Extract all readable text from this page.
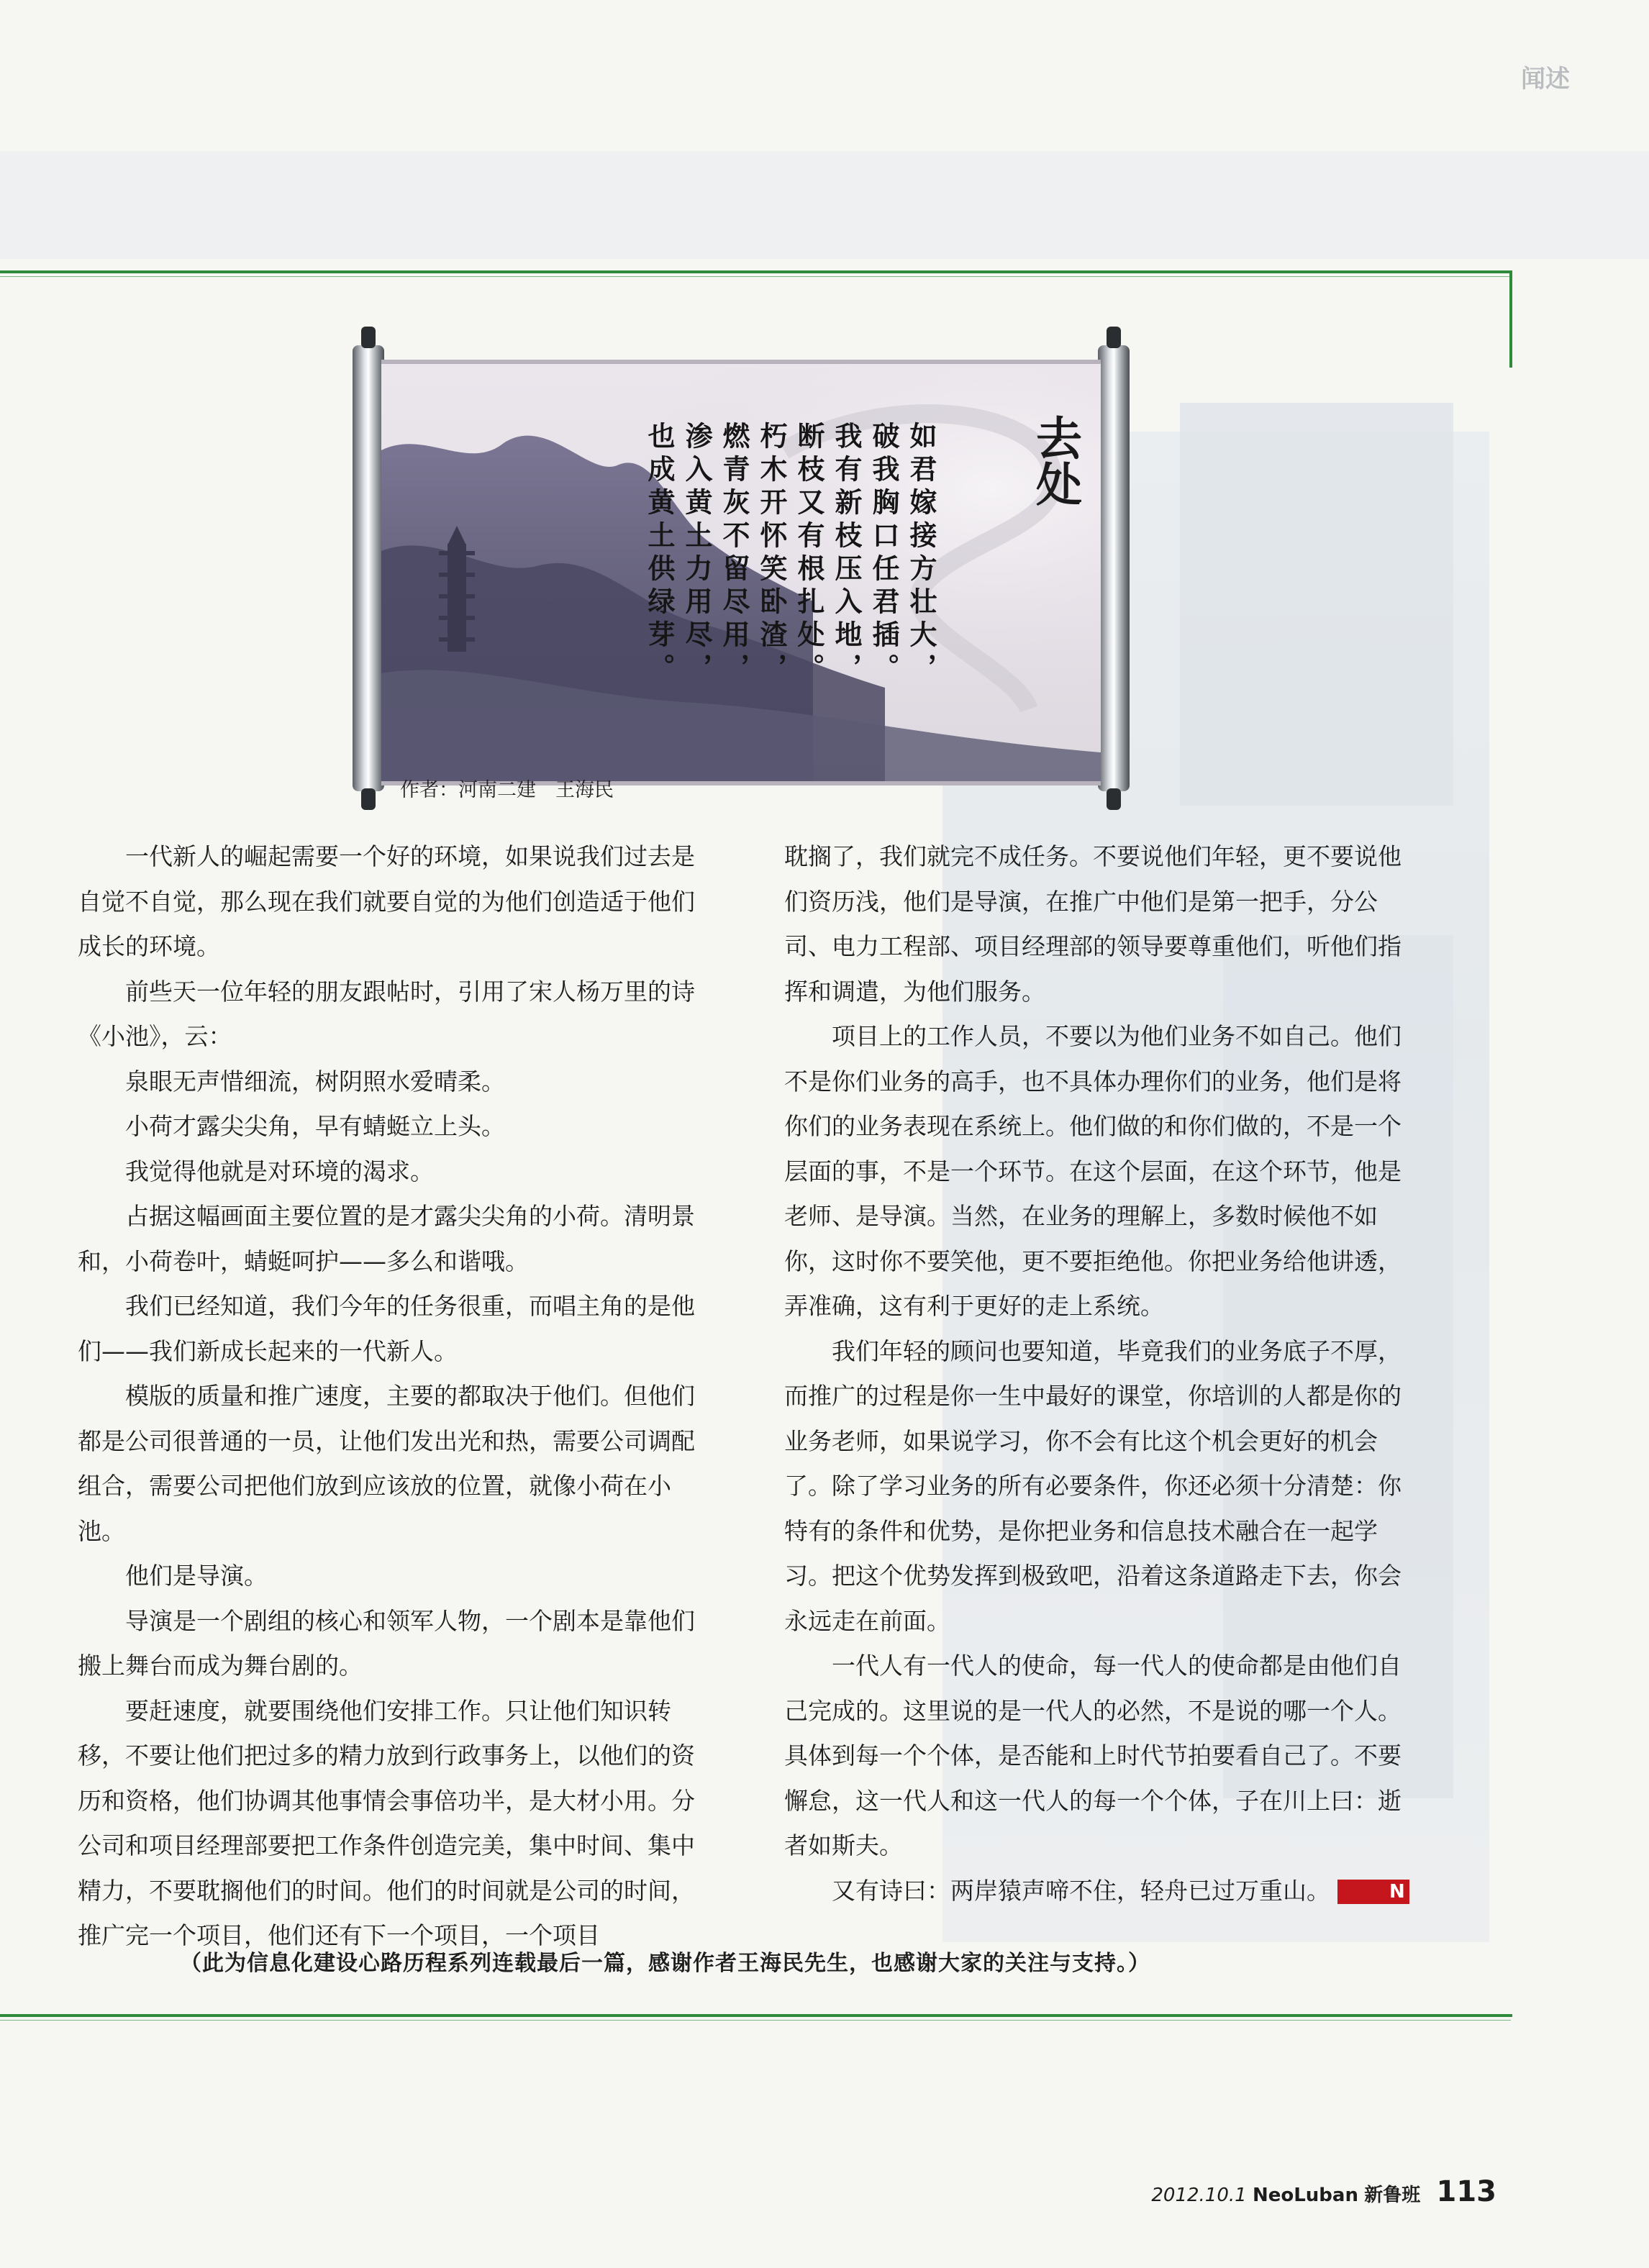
闻述
去处
如君嫁接方壮大，
破我胸口任君插。
我有新枝压入地，
断枝又有根扎处。
朽木开怀笑卧渣，
燃青灰不留尽用，
渗入黄土力用尽，
也成黄土供绿芽。
作者：河南二建　王海民

一代新人的崛起需要一个好的环境，如果说我们过去是自觉不自觉，那么现在我们就要自觉的为他们创造适于他们成长的环境。

前些天一位年轻的朋友跟帖时，引用了宋人杨万里的诗《小池》，云：

泉眼无声惜细流，树阴照水爱晴柔。

小荷才露尖尖角，早有蜻蜓立上头。

我觉得他就是对环境的渴求。

占据这幅画面主要位置的是才露尖尖角的小荷。清明景和，小荷卷叶，蜻蜓呵护——多么和谐哦。

我们已经知道，我们今年的任务很重，而唱主角的是他们——我们新成长起来的一代新人。

模版的质量和推广速度，主要的都取决于他们。但他们都是公司很普通的一员，让他们发出光和热，需要公司调配组合，需要公司把他们放到应该放的位置，就像小荷在小池。

他们是导演。

导演是一个剧组的核心和领军人物，一个剧本是靠他们搬上舞台而成为舞台剧的。

要赶速度，就要围绕他们安排工作。只让他们知识转移，不要让他们把过多的精力放到行政事务上，以他们的资历和资格，他们协调其他事情会事倍功半，是大材小用。分公司和项目经理部要把工作条件创造完美，集中时间、集中精力，不要耽搁他们的时间。他们的时间就是公司的时间，推广完一个项目，他们还有下一个项目，一个项目

耽搁了，我们就完不成任务。不要说他们年轻，更不要说他们资历浅，他们是导演，在推广中他们是第一把手，分公司、电力工程部、项目经理部的领导要尊重他们，听他们指挥和调遣，为他们服务。

项目上的工作人员，不要以为他们业务不如自己。他们不是你们业务的高手，也不具体办理你们的业务，他们是将你们的业务表现在系统上。他们做的和你们做的，不是一个层面的事，不是一个环节。在这个层面，在这个环节，他是老师、是导演。当然，在业务的理解上，多数时候他不如你，这时你不要笑他，更不要拒绝他。你把业务给他讲透，弄准确，这有利于更好的走上系统。

我们年轻的顾问也要知道，毕竟我们的业务底子不厚，而推广的过程是你一生中最好的课堂，你培训的人都是你的业务老师，如果说学习，你不会有比这个机会更好的机会了。除了学习业务的所有必要条件，你还必须十分清楚：你特有的条件和优势，是你把业务和信息技术融合在一起学习。把这个优势发挥到极致吧，沿着这条道路走下去，你会永远走在前面。

一代人有一代人的使命，每一代人的使命都是由他们自己完成的。这里说的是一代人的必然，不是说的哪一个人。具体到每一个个体，是否能和上时代节拍要看自己了。不要懈怠，这一代人和这一代人的每一个个体，子在川上曰：逝者如斯夫。

又有诗曰：两岸猿声啼不住，轻舟已过万重山。	N

（此为信息化建设心路历程系列连载最后一篇，感谢作者王海民先生，也感谢大家的关注与支持。）
2012.10.1 NeoLuban 新鲁班 113
